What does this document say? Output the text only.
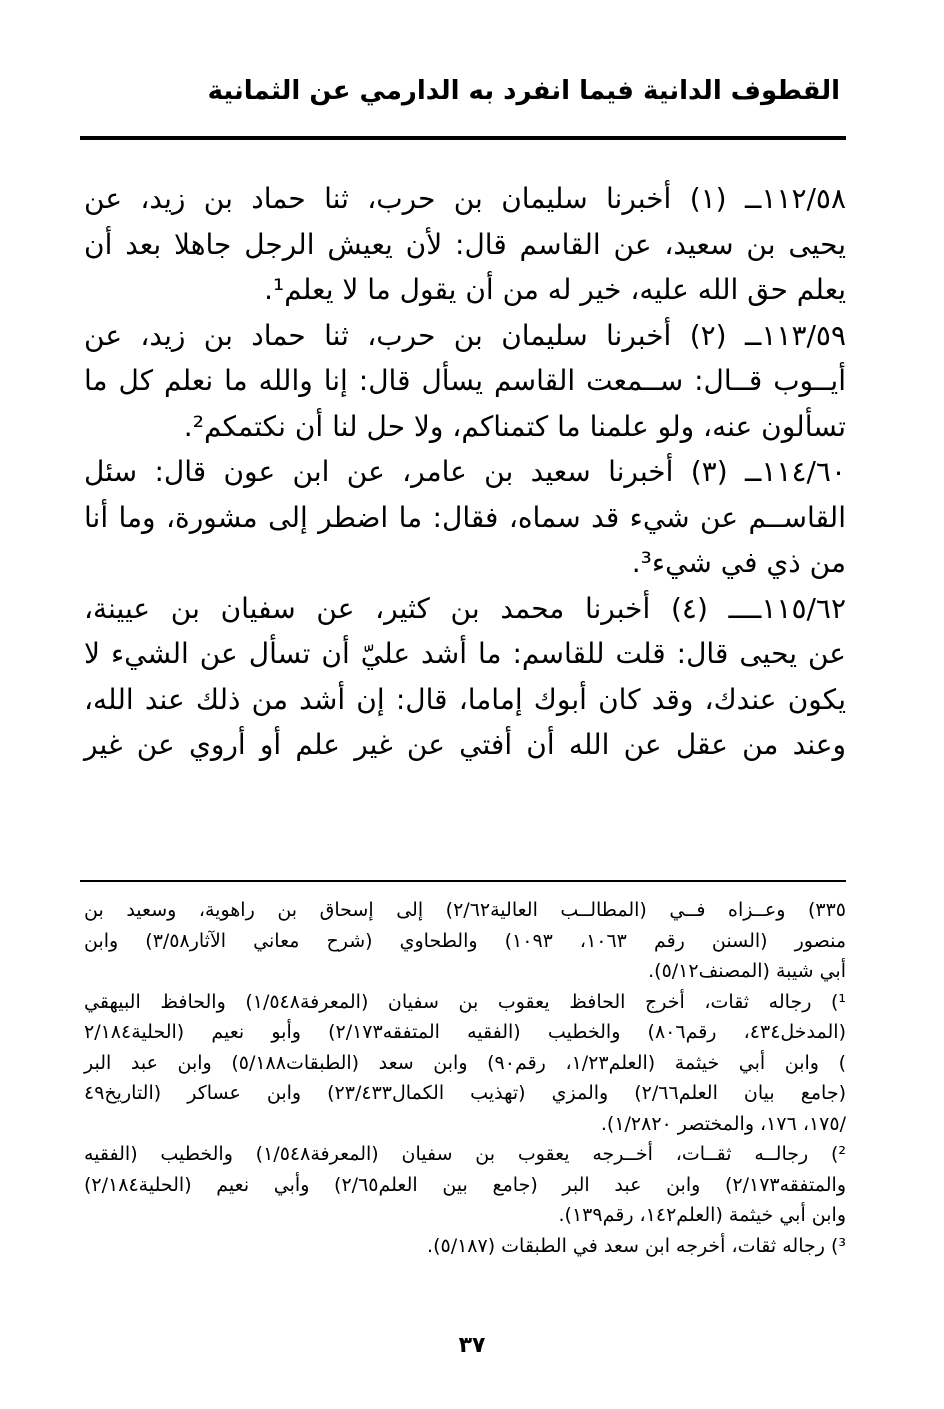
القطوف الدانية فيما انفرد به الدارمي عن الثمانية
١١٢/٥٨ــ (١) أخبرنا سليمان بن حرب، ثنا حماد بن زيد، عن
يحيى بن سعيد، عن القاسم قال: لأن يعيش الرجل جاهلا بعد أن
يعلم حق الله عليه، خير له من أن يقول ما لا يعلم¹.
١١٣/٥٩ــ (٢) أخبرنا سليمان بن حرب، ثنا حماد بن زيد، عن
أيــوب قــال: ســمعت القاسم يسأل قال: إنا والله ما نعلم كل ما
تسألون عنه، ولو علمنا ما كتمناكم، ولا حل لنا أن نكتمكم².
١١٤/٦٠ــ (٣) أخبرنا سعيد بن عامر، عن ابن عون قال: سئل
القاســم عن شيء قد سماه، فقال: ما اضطر إلى مشورة، وما أنا
من ذي في شيء³.
١١٥/٦٢ــــ (٤) أخبرنا محمد بن كثير، عن سفيان بن عيينة،
عن يحيى قال: قلت للقاسم: ما أشد عليّ أن تسأل عن الشيء لا
يكون عندك، وقد كان أبوك إماما، قال: إن أشد من ذلك عند الله،
وعند من عقل عن الله أن أفتي عن غير علم أو أروي عن غير
٣٣٥) وعــزاه فــي (المطالــب العالية٢/٦٢) إلى إسحاق بن راهوية، وسعيد بن
منصور (السنن رقم ١٠٦٣، ١٠٩٣) والطحاوي (شرح معاني الآثار٣/٥٨) وابن
أبي شيبة (المصنف٥/١٢).
¹) رجاله ثقات، أخرج الحافظ يعقوب بن سفيان (المعرفة١/٥٤٨) والحافظ البيهقي
(المدخل٤٣٤، رقم٨٠٦) والخطيب (الفقيه المتفقه٢/١٧٣) وأبو نعيم (الحلية٢/١٨٤
) وابن أبي خيثمة (العلم١/٢٣، رقم٩٠) وابن سعد (الطبقات٥/١٨٨) وابن عبد البر
(جامع بيان العلم٢/٦٦) والمزي (تهذيب الكمال٢٣/٤٣٣) وابن عساكر (التاريخ٤٩
/١٧٥، ١٧٦، والمختصر ١/٢٨٢٠).
²) رجالــه ثقــات، أخــرجه يعقوب بن سفيان (المعرفة١/٥٤٨) والخطيب (الفقيه
والمتفقه٢/١٧٣) وابن عبد البر (جامع بين العلم٢/٦٥) وأبي نعيم (الحلية٢/١٨٤)
وابن أبي خيثمة (العلم١٤٢، رقم١٣٩).
³) رجاله ثقات، أخرجه ابن سعد في الطبقات (٥/١٨٧).
٣٧
